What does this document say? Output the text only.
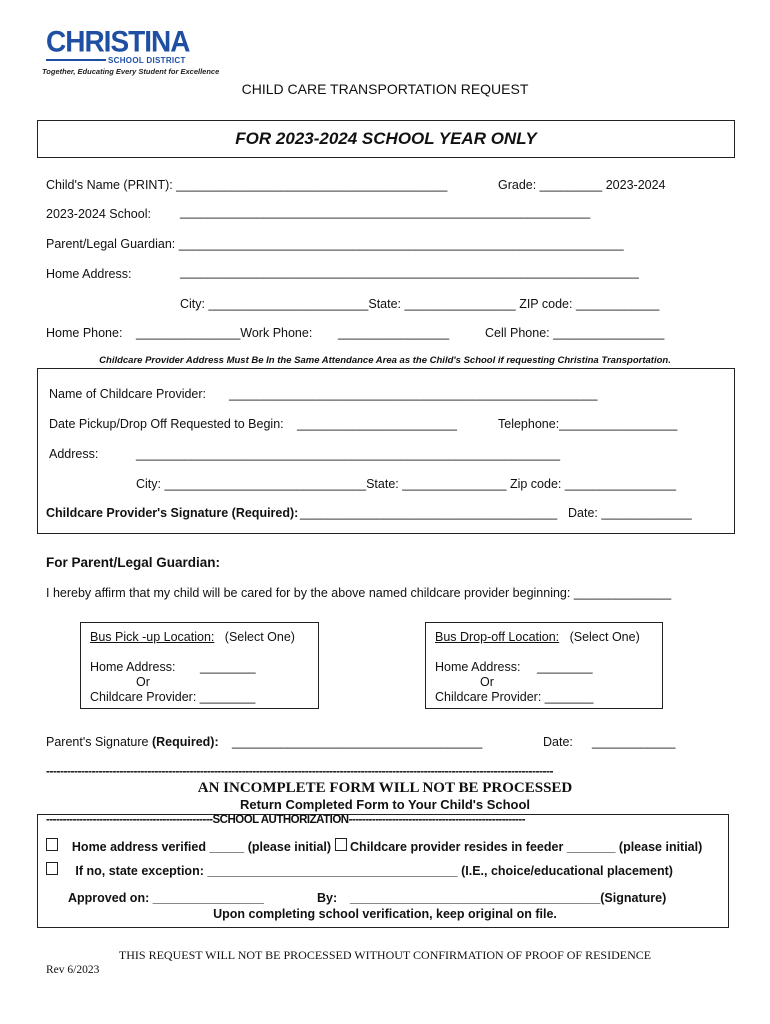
CHRISTINA
SCHOOL DISTRICT
Together, Educating Every Student for Excellence
CHILD CARE TRANSPORTATION REQUEST
FOR 2023-2024 SCHOOL YEAR ONLY
Child's Name (PRINT): _______________________________________	Grade: _________ 2023-2024
2023-2024 School: ___________________________________________________________
Parent/Legal Guardian: ________________________________________________________________
Home Address:	__________________________________________________________________
City: _______________________State: ________________ ZIP code: ____________
Home Phone: _______________Work Phone: ________________	Cell Phone: ________________
Childcare Provider Address Must Be In the Same Attendance Area as the Child's School if requesting Christina Transportation.
Name of Childcare Provider: _____________________________________________________
Date Pickup/Drop Off Requested to Begin: _______________________	Telephone:_________________
Address:	_____________________________________________________________
City: _____________________________State: _______________ Zip code: ________________
Childcare Provider's Signature (Required): _____________________________________ Date: _____________
For Parent/Legal Guardian:
I hereby affirm that my child will be cared for by the above named childcare provider beginning: ______________
Bus Pick -up Location: (Select One)
Home Address: ________
Or
Childcare Provider: ________
Bus Drop-off Location: (Select One)
Home Address: ________
Or
Childcare Provider: _______
Parent's Signature (Required): ____________________________________	Date: ____________
-------------------------------------------------------------------------------------------------------------------------------------------------
AN INCOMPLETE FORM WILL NOT BE PROCESSED
Return Completed Form to Your Child's School
--------------------------------------------------SCHOOL AUTHORIZATION-----------------------------------------------------
Home address verified _____ (please initial) Childcare provider resides in feeder _______ (please initial)
If no, state exception: ____________________________________ (I.E., choice/educational placement)
Approved on: ________________	By: ____________________________________(Signature)
Upon completing school verification, keep original on file.
THIS REQUEST WILL NOT BE PROCESSED WITHOUT CONFIRMATION OF PROOF OF RESIDENCE
Rev 6/2023
